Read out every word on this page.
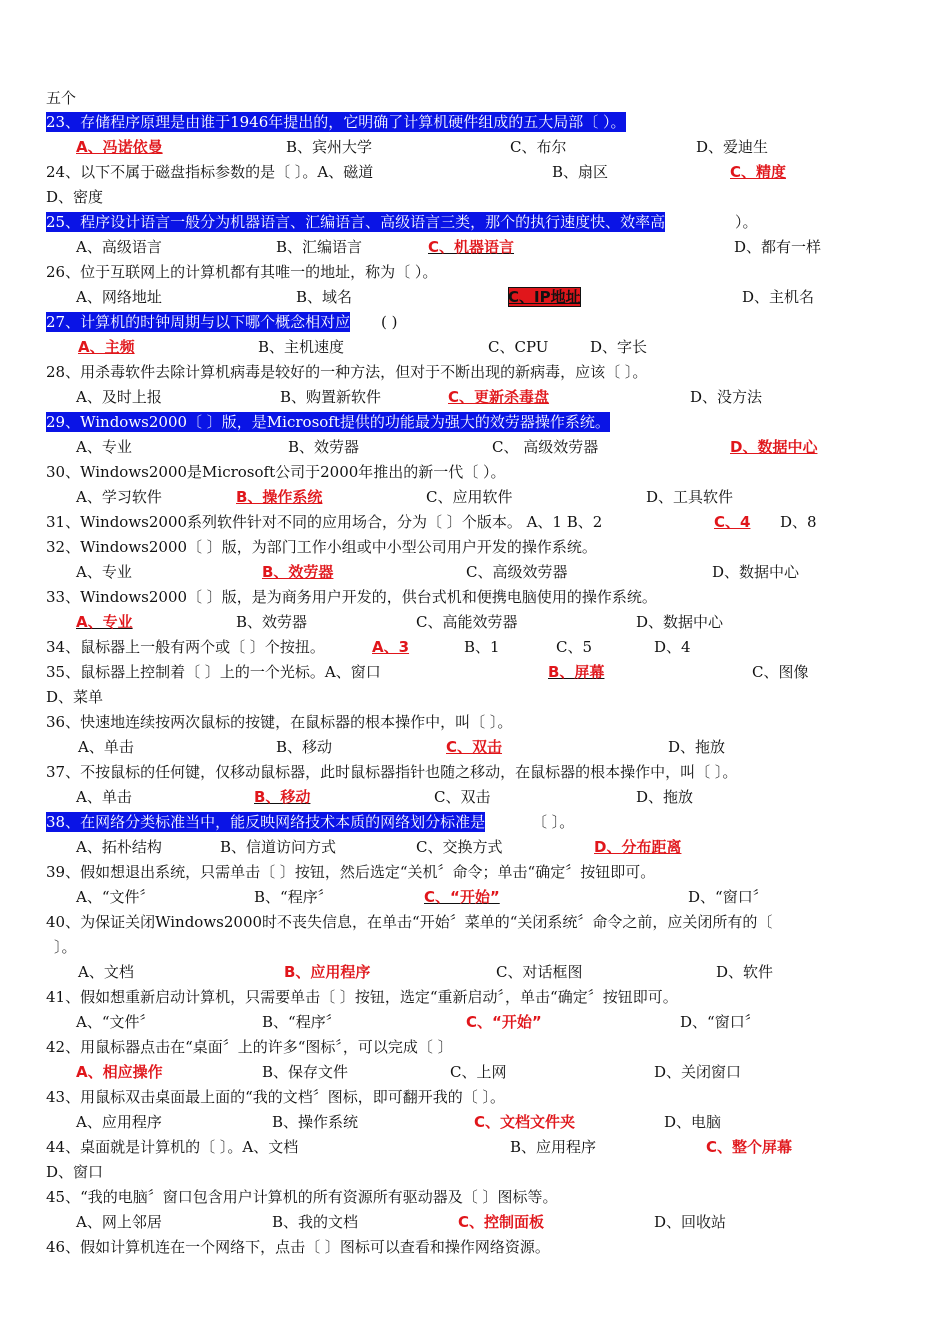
五个
23、存储程序原理是由谁于1946年提出的，它明确了计算机硬件组成的五大局部〔 ）。
A、冯诺依曼	B、宾州大学	C、布尔	D、爱迪生
24、以下不属于磁盘指标参数的是〔 〕。A、磁道	B、扇区	C、精度
D、密度
25、程序设计语言一般分为机器语言、汇编语言、高级语言三类，那个的执行速度快、效率高	）。
A、高级语言	B、汇编语言	C、机器语言	D、都有一样
26、位于互联网上的计算机都有其唯一的地址，称为〔 ）。
A、网络地址	B、域名	C、IP地址	D、主机名
27、计算机的时钟周期与以下哪个概念相对应 ( )
A、主频	B、主机速度	C、CPU	D、字长
28、用杀毒软件去除计算机病毒是较好的一种方法，但对于不断出现的新病毒，应该〔 〕。
A、及时上报	B、购置新软件	C、更新杀毒盘	D、没方法
29、Windows2000〔 〕版，是Microsoft提供的功能最为强大的效劳器操作系统。
A、专业	B、效劳器	C、 高级效劳器	D、数据中心
30、Windows2000是Microsoft公司于2000年推出的新一代〔 ）。
A、学习软件	B、操作系统	C、应用软件	D、工具软件
31、Windows2000系列软件针对不同的应用场合，分为〔 〕个版本。 A、1 B、2	C、4 D、8
32、Windows2000〔 〕版，为部门工作小组或中小型公司用户开发的操作系统。
A、专业	B、效劳器	C、高级效劳器	D、数据中心
33、Windows2000〔 〕版，是为商务用户开发的，供台式机和便携电脑使用的操作系统。
A、专业	B、效劳器	C、高能效劳器	D、数据中心
34、鼠标器上一般有两个或〔 〕个按扭。	A、3	B、1	C、5	D、4
35、鼠标器上控制着〔 〕上的一个光标。A、窗口	B、屏幕	C、图像
D、菜单
36、快速地连续按两次鼠标的按键，在鼠标器的根本操作中，叫〔 〕。
A、单击	B、移动	C、双击	D、拖放
37、不按鼠标的任何键，仅移动鼠标器，此时鼠标器指针也随之移动，在鼠标器的根本操作中，叫〔 〕。
A、单击	B、移动	C、双击	D、拖放
38、在网络分类标准当中，能反映网络技术本质的网络划分标准是	〔 〕。
A、拓朴结构	B、信道访问方式	C、交换方式	D、分布距离
39、假如想退出系统，只需单击〔 〕按钮，然后选定“关机〞命令；单击“确定〞按钮即可。
A、“文件〞	B、“程序〞	C、“开始”	D、“窗口〞
40、为保证关闭Windows2000时不丧失信息，在单击“开始〞菜单的“关闭系统〞命令之前，应关闭所有的〔
〕。
A、文档	B、应用程序	C、对话框图	D、软件
41、假如想重新启动计算机，只需要单击〔 〕按钮，选定“重新启动〞，单击“确定〞按钮即可。
A、“文件〞	B、“程序〞	C、“开始”	D、“窗口〞
42、用鼠标器点击在“桌面〞上的许多“图标〞，可以完成〔 〕
A、相应操作	B、保存文件	C、上网	D、关闭窗口
43、用鼠标双击桌面最上面的“我的文档〞图标，即可翻开我的〔 〕。
A、应用程序	B、操作系统	C、文档文件夹	D、电脑
44、桌面就是计算机的〔 〕。A、文档	B、应用程序	C、整个屏幕
D、窗口
45、“我的电脑〞窗口包含用户计算机的所有资源所有驱动器及〔 〕图标等。
A、网上邻居	B、我的文档	C、控制面板	D、回收站
46、假如计算机连在一个网络下，点击〔 〕图标可以查看和操作网络资源。
